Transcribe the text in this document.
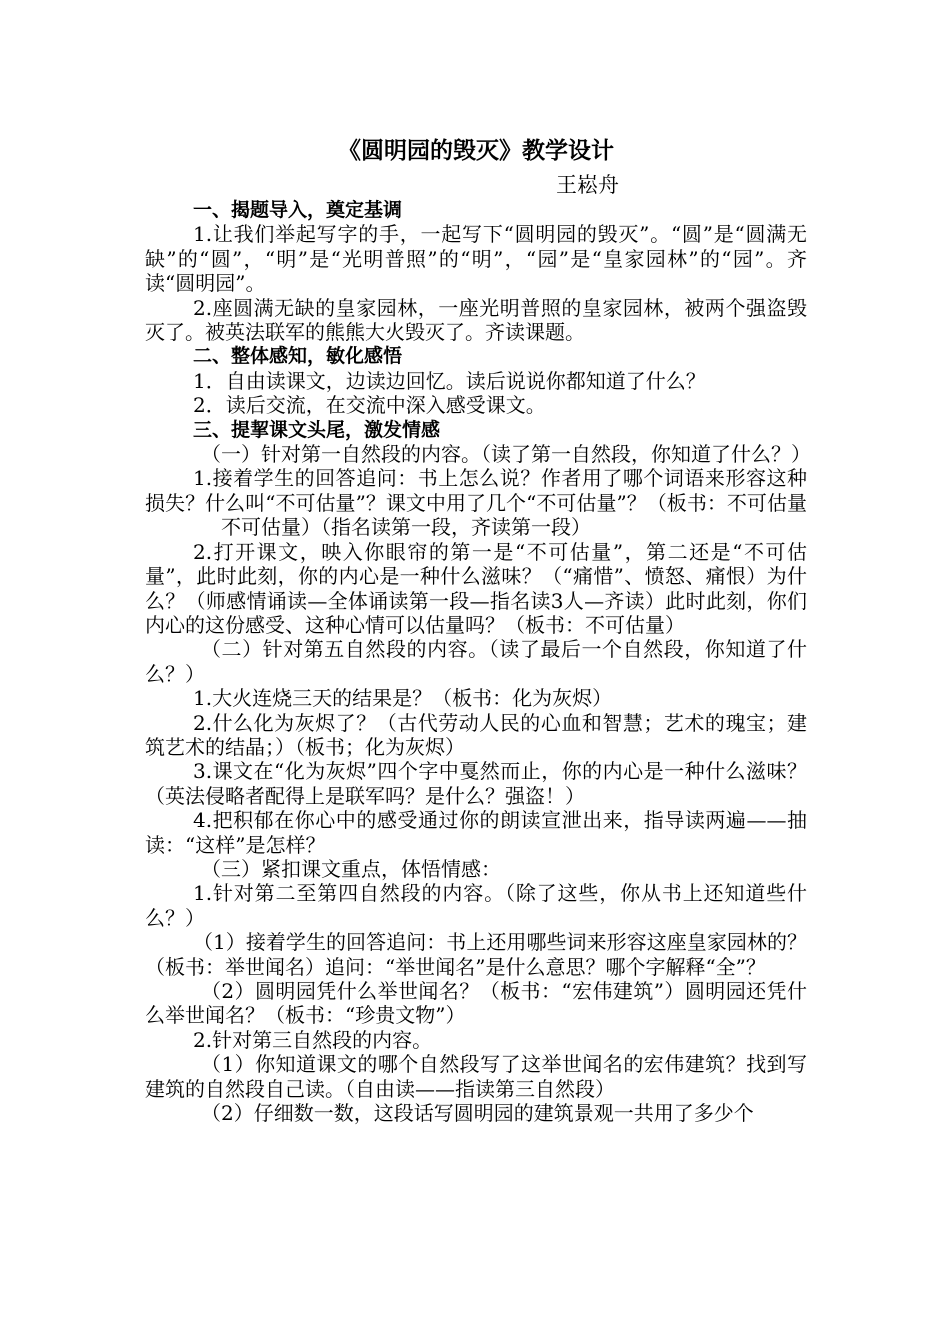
《圆明园的毁灭》教学设计
王崧舟
一、揭题导入，奠定基调

1.让我们举起写字的手，一起写下“圆明园的毁灭”。“圆”是“圆满无缺”的“圆”，“明”是“光明普照”的“明”，“园”是“皇家园林”的“园”。齐读“圆明园”。

2.座圆满无缺的皇家园林，一座光明普照的皇家园林，被两个强盗毁灭了。被英法联军的熊熊大火毁灭了。齐读课题。

二、整体感知，敏化感悟

1．自由读课文，边读边回忆。读后说说你都知道了什么？

2．读后交流，在交流中深入感受课文。

三、提挈课文头尾，激发情感

（一）针对第一自然段的内容。（读了第一自然段，你知道了什么？）

1.接着学生的回答追问：书上怎么说？作者用了哪个词语来形容这种损失？什么叫“不可估量”？课文中用了几个“不可估量”？（板书：不可估量不可估量）（指名读第一段，齐读第一段）

2.打开课文，映入你眼帘的第一是“不可估量”，第二还是“不可估量”，此时此刻，你的内心是一种什么滋味？（“痛惜”、愤怒、痛恨）为什么？（师感情诵读—全体诵读第一段—指名读3人—齐读）此时此刻，你们内心的这份感受、这种心情可以估量吗？（板书：不可估量）

（二）针对第五自然段的内容。（读了最后一个自然段，你知道了什么？）

1.大火连烧三天的结果是？（板书：化为灰烬）

2.什么化为灰烬了？（古代劳动人民的心血和智慧；艺术的瑰宝；建筑艺术的结晶；）（板书；化为灰烬）

3.课文在“化为灰烬”四个字中戛然而止，你的内心是一种什么滋味？（英法侵略者配得上是联军吗？是什么？强盗！）

4.把积郁在你心中的感受通过你的朗读宣泄出来，指导读两遍——抽读：“这样”是怎样？

（三）紧扣课文重点，体悟情感：

1.针对第二至第四自然段的内容。（除了这些，你从书上还知道些什么？）

（1）接着学生的回答追问：书上还用哪些词来形容这座皇家园林的？（板书：举世闻名）追问：“举世闻名”是什么意思？哪个字解释“全”？

（2）圆明园凭什么举世闻名？（板书：“宏伟建筑”）圆明园还凭什么举世闻名？（板书：“珍贵文物”）

2.针对第三自然段的内容。

（1）你知道课文的哪个自然段写了这举世闻名的宏伟建筑？找到写建筑的自然段自己读。（自由读——指读第三自然段）

（2）仔细数一数，这段话写圆明园的建筑景观一共用了多少个
